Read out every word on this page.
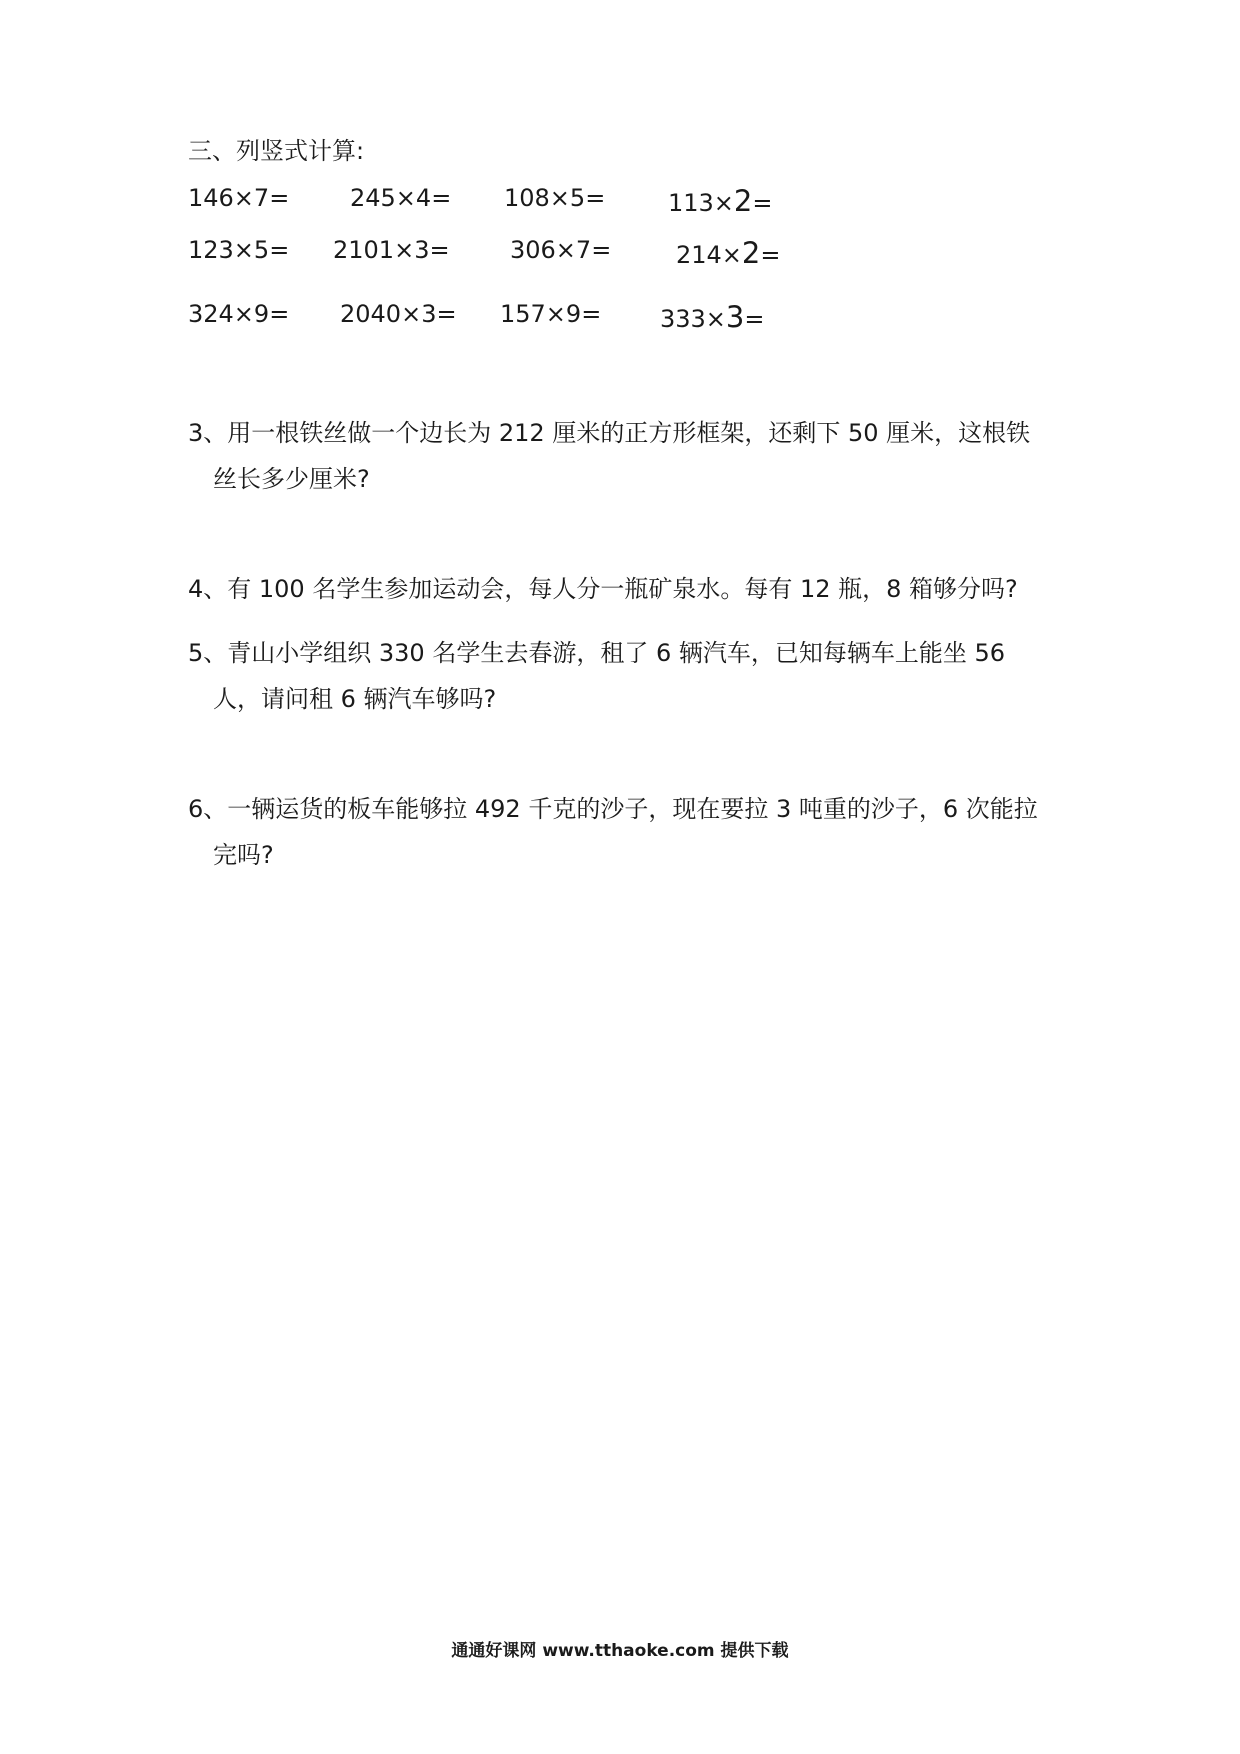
三、列竖式计算:
146×7=	245×4= 108×5=	113×2=
123×5= 2101×3=	306×7=	214×2=
324×9= 2040×3= 157×9= 333×3=
3、用一根铁丝做一个边长为 212 厘米的正方形框架，还剩下 50 厘米，这根铁
丝长多少厘米?
4、有 100 名学生参加运动会，每人分一瓶矿泉水。每有 12 瓶，8 箱够分吗?
5、青山小学组织 330 名学生去春游，租了 6 辆汽车，已知每辆车上能坐 56
人，请问租 6 辆汽车够吗?
6、一辆运货的板车能够拉 492 千克的沙子，现在要拉 3 吨重的沙子，6 次能拉
完吗?
通通好课网 www.tthaoke.com 提供下载
